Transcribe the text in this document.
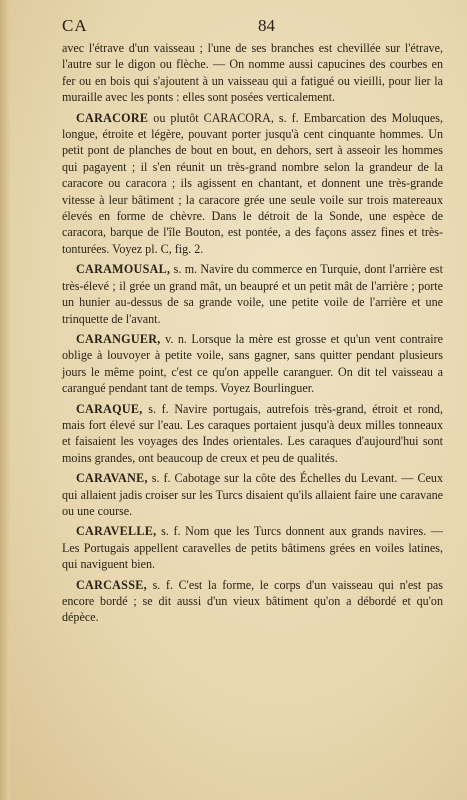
CA	84

avec l'étrave d'un vaisseau ; l'une de ses branches est chevillée sur l'étrave, l'autre sur le digon ou flèche. — On nomme aussi capucines des courbes en fer ou en bois qui s'ajoutent à un vaisseau qui a fatigué ou vieilli, pour lier la muraille avec les ponts : elles sont posées verticalement.

CARACORE ou plutôt CARACORA, s. f. Embarcation des Moluques, longue, étroite et légère, pouvant porter jusqu'à cent cinquante hommes. Un petit pont de planches de bout en bout, en dehors, sert à asseoir les hommes qui pagayent ; il s'en réunit un très-grand nombre selon la grandeur de la caracore ou caracora ; ils agissent en chantant, et donnent une très-grande vitesse à leur bâtiment ; la caracore grée une seule voile sur trois matereaux élevés en forme de chèvre. Dans le détroit de la Sonde, une espèce de caracora, barque de l'île Bouton, est pontée, a des façons assez fines et très-tonturées. Voyez pl. C, fig. 2.

CARAMOUSAL, s. m. Navire du commerce en Turquie, dont l'arrière est très-élevé ; il grée un grand mât, un beaupré et un petit mât de l'arrière ; porte un hunier au-dessus de sa grande voile, une petite voile de l'arrière et une trinquette de l'avant.

CARANGUER, v. n. Lorsque la mère est grosse et qu'un vent contraire oblige à louvoyer à petite voile, sans gagner, sans quitter pendant plusieurs jours le même point, c'est ce qu'on appelle caranguer. On dit tel vaisseau a carangué pendant tant de temps. Voyez Bourlinguer.

CARAQUE, s. f. Navire portugais, autrefois très-grand, étroit et rond, mais fort élevé sur l'eau. Les caraques portaient jusqu'à deux milles tonneaux et faisaient les voyages des Indes orientales. Les caraques d'aujourd'hui sont moins grandes, ont beaucoup de creux et peu de qualités.

CARAVANE, s. f. Cabotage sur la côte des Échelles du Levant. — Ceux qui allaient jadis croiser sur les Turcs disaient qu'ils allaient faire une caravane ou une course.

CARAVELLE, s. f. Nom que les Turcs donnent aux grands navires. — Les Portugais appellent caravelles de petits bâtimens grées en voiles latines, qui naviguent bien.

CARCASSE, s. f. C'est la forme, le corps d'un vaisseau qui n'est pas encore bordé ; se dit aussi d'un vieux bâtiment qu'on a débordé et qu'on dépèce.
